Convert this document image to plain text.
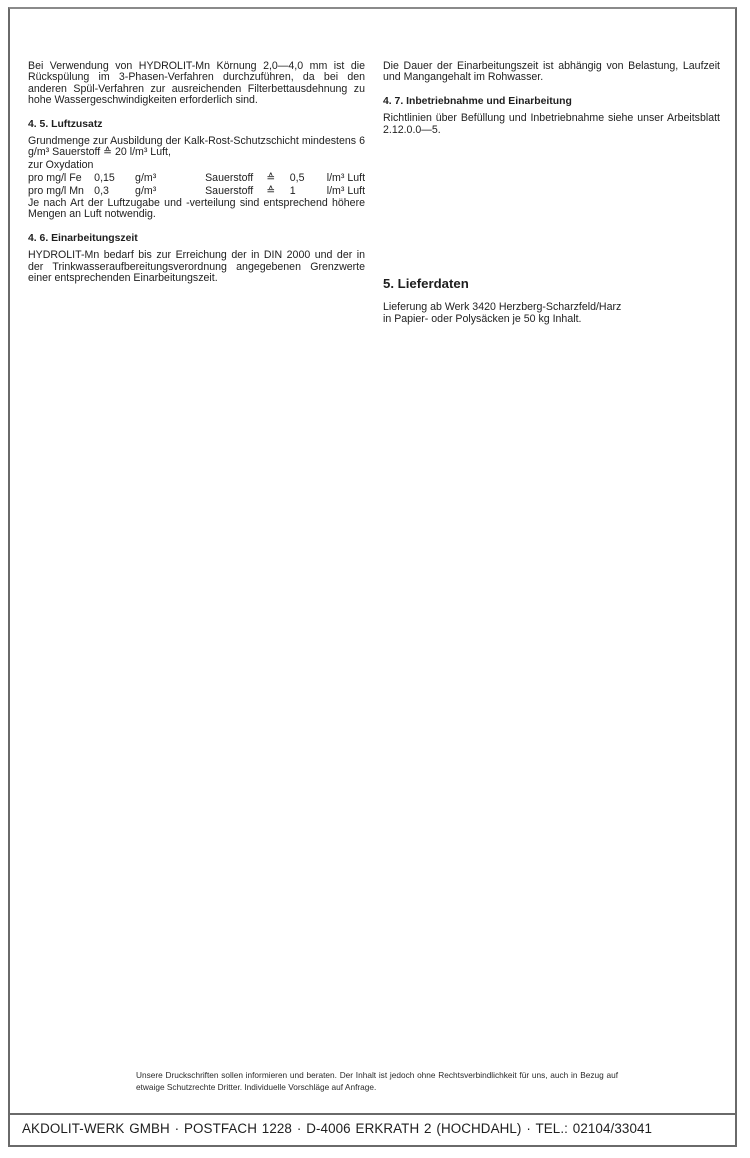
Bei Verwendung von HYDROLIT-Mn Körnung 2,0—4,0 mm ist die Rückspülung im 3-Phasen-Verfahren durchzuführen, da bei den anderen Spül-Verfahren zur ausreichenden Filterbettausdehnung zu hohe Wassergeschwindigkeiten erforderlich sind.

4. 5. Luftzusatz

Grundmenge zur Ausbildung der Kalk-Rost-Schutzschicht mindestens 6 g/m³ Sauerstoff ≙ 20 l/m³ Luft,

zur Oxydation

pro mg/l Fe	0,15	g/m³	Sauerstoff	≙	0,5	l/m³ Luft
pro mg/l Mn 0,3	g/m³	Sauerstoff	≙	1	l/m³ Luft

Je nach Art der Luftzugabe und -verteilung sind entsprechend höhere Mengen an Luft notwendig.

4. 6. Einarbeitungszeit

HYDROLIT-Mn bedarf bis zur Erreichung der in DIN 2000 und der in der Trinkwasseraufbereitungsverordnung angegebenen Grenzwerte einer entsprechenden Einarbeitungszeit.

Die Dauer der Einarbeitungszeit ist abhängig von Belastung, Laufzeit und Mangangehalt im Rohwasser.

4. 7. Inbetriebnahme und Einarbeitung

Richtlinien über Befüllung und Inbetriebnahme siehe unser Arbeitsblatt 2.12.0.0—5.

5. Lieferdaten

Lieferung ab Werk 3420 Herzberg-Scharzfeld/Harz

in Papier- oder Polysäcken je 50 kg Inhalt.

Unsere Druckschriften sollen informieren und beraten. Der Inhalt ist jedoch ohne Rechtsverbindlichkeit für uns, auch in Bezug auf etwaige Schutzrechte Dritter. Individuelle Vorschläge auf Anfrage.

AKDOLIT-WERK GMBH · POSTFACH 1228 · D-4006 ERKRATH 2 (HOCHDAHL) · TEL.: 02104/33041
